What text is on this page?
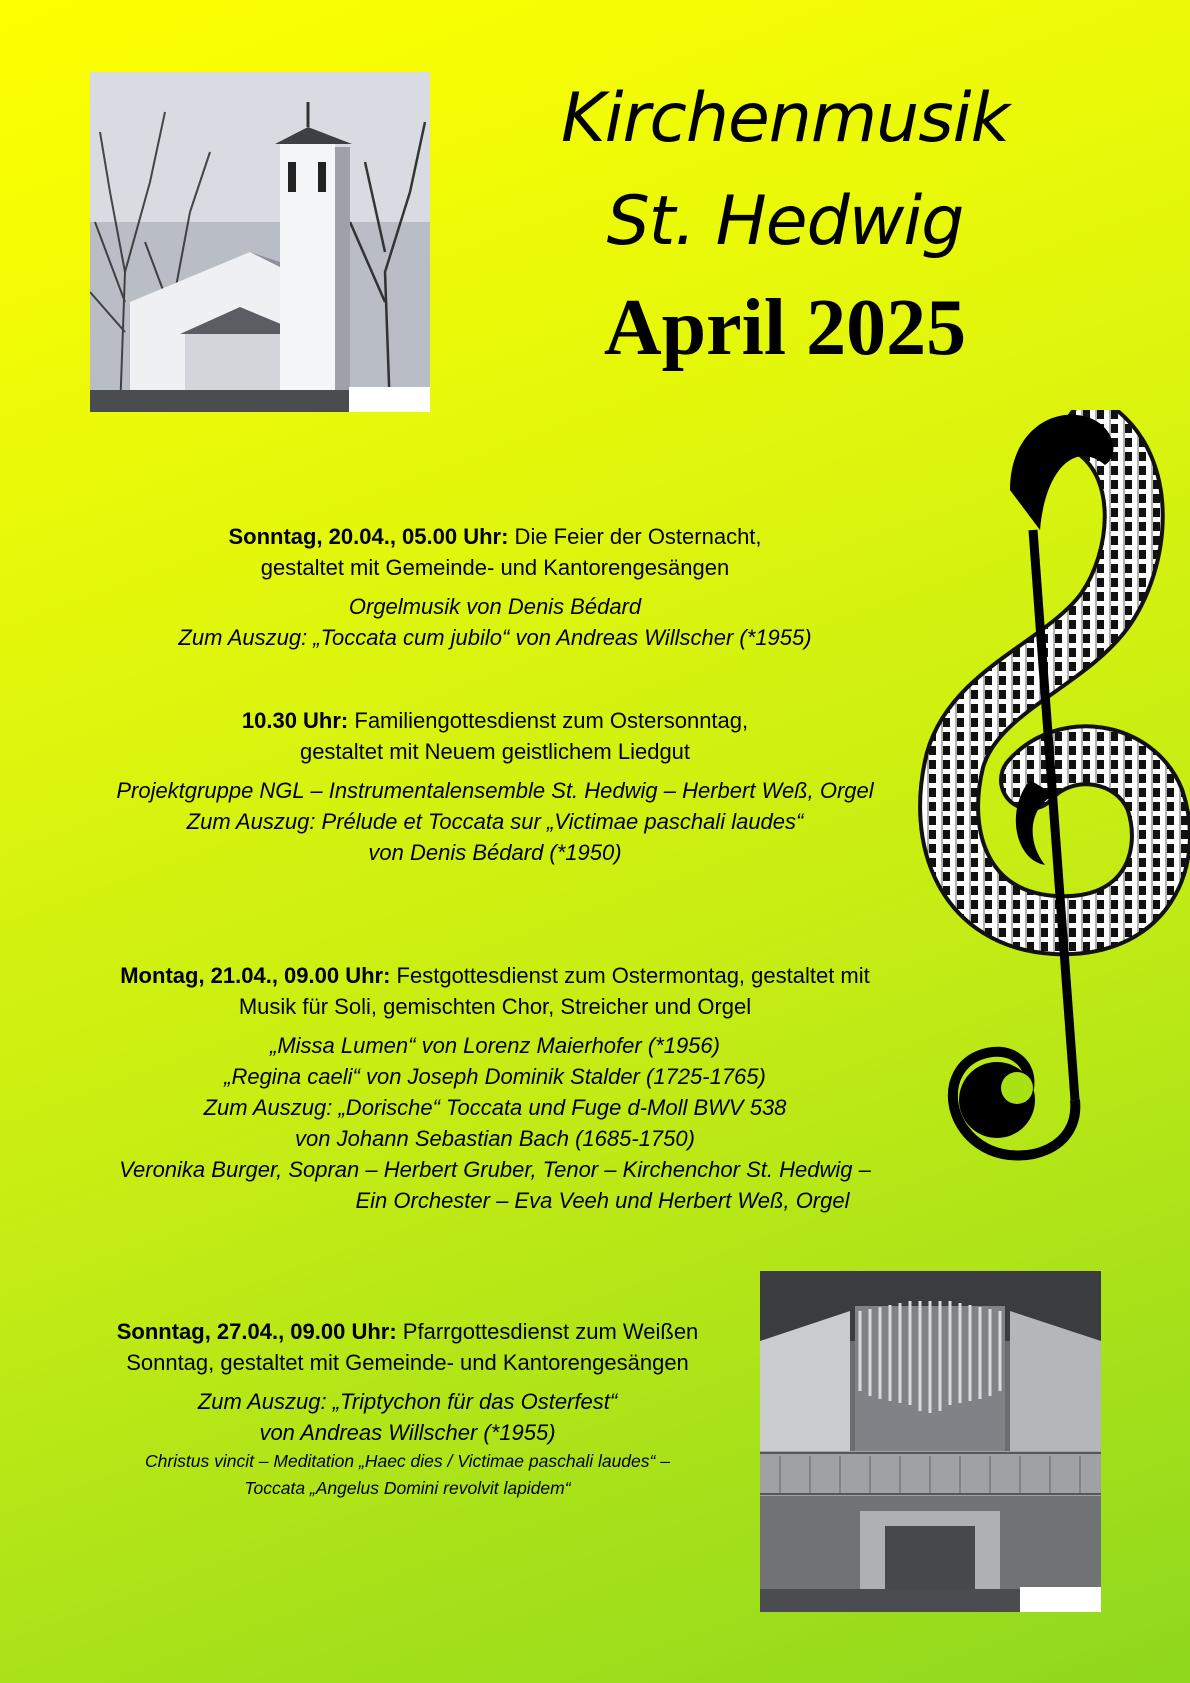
Kirchenmusik
St. Hedwig
April 2025

Sonntag, 20.04., 05.00 Uhr: Die Feier der Osternacht,

gestaltet mit Gemeinde- und Kantorengesängen

Orgelmusik von Denis Bédard

Zum Auszug: „Toccata cum jubilo“ von Andreas Willscher (*1955)

10.30 Uhr: Familiengottesdienst zum Ostersonntag,

gestaltet mit Neuem geistlichem Liedgut

Projektgruppe NGL – Instrumentalensemble St. Hedwig – Herbert Weß, Orgel

Zum Auszug: Prélude et Toccata sur „Victimae paschali laudes“

von Denis Bédard (*1950)

Montag, 21.04., 09.00 Uhr: Festgottesdienst zum Ostermontag, gestaltet mit

Musik für Soli, gemischten Chor, Streicher und Orgel

„Missa Lumen“ von Lorenz Maierhofer (*1956)

„Regina caeli“ von Joseph Dominik Stalder (1725-1765)

Zum Auszug: „Dorische“ Toccata und Fuge d-Moll BWV 538

von Johann Sebastian Bach (1685-1750)

Veronika Burger, Sopran – Herbert Gruber, Tenor – Kirchenchor St. Hedwig –

Ein Orchester – Eva Veeh und Herbert Weß, Orgel

Sonntag, 27.04., 09.00 Uhr: Pfarrgottesdienst zum Weißen

Sonntag, gestaltet mit Gemeinde- und Kantorengesängen

Zum Auszug: „Triptychon für das Osterfest“

von Andreas Willscher (*1955)

Christus vincit – Meditation „Haec dies / Victimae paschali laudes“ –

Toccata „Angelus Domini revolvit lapidem“
